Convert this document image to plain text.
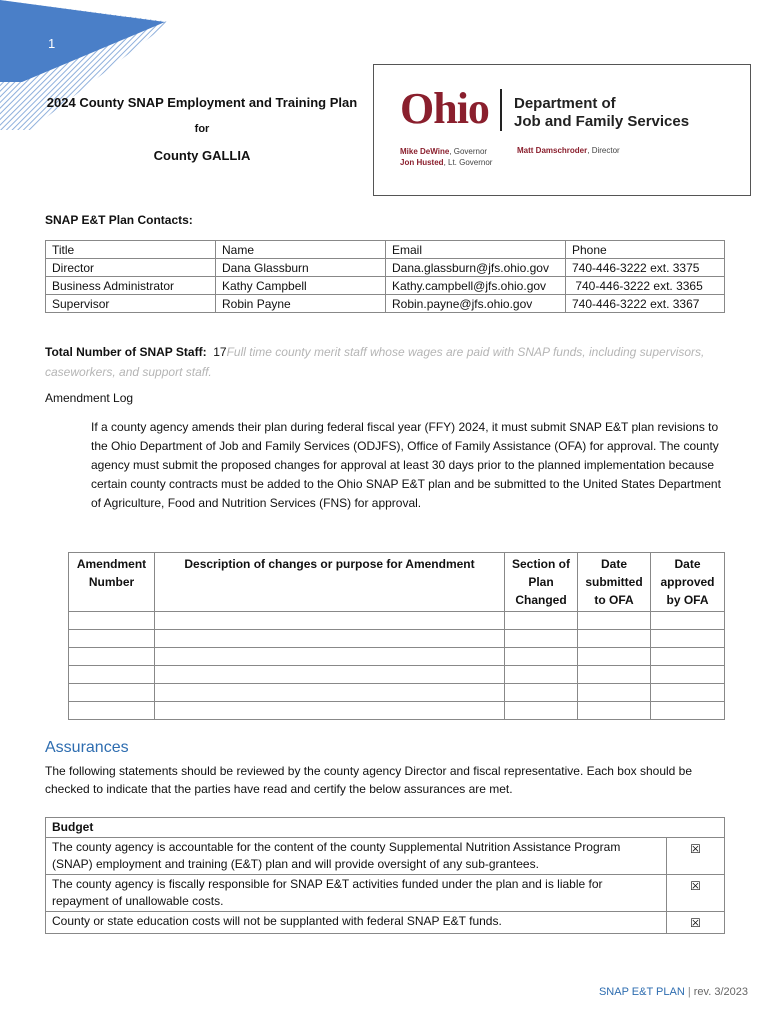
1
2024 County SNAP Employment and Training Plan
for
County GALLIA
Ohio Department of
Job and Family Services
Mike DeWine, Governor
Jon Husted, Lt. Governor
Matt Damschroder, Director
SNAP E&T Plan Contacts:
Title	Name	Email	Phone
Director	Dana Glassburn	Dana.glassburn@jfs.ohio.gov	740-446-3222 ext. 3375
Business Administrator	Kathy Campbell	Kathy.campbell@jfs.ohio.gov	740-446-3222 ext. 3365
Supervisor	Robin Payne	Robin.payne@jfs.ohio.gov	740-446-3222 ext. 3367
Total Number of SNAP Staff: 17Full time county merit staff whose wages are paid with SNAP funds, including supervisors, caseworkers, and support staff.
Amendment Log
If a county agency amends their plan during federal fiscal year (FFY) 2024, it must submit SNAP E&T plan revisions to the Ohio Department of Job and Family Services (ODJFS), Office of Family Assistance (OFA) for approval. The county agency must submit the proposed changes for approval at least 30 days prior to the planned implementation because certain county contracts must be added to the Ohio SNAP E&T plan and be submitted to the United States Department of Agriculture, Food and Nutrition Services (FNS) for approval.
Amendment Number	Description of changes or purpose for Amendment	Section of Plan Changed	Date submitted to OFA	Date approved by OFA

Assurances
The following statements should be reviewed by the county agency Director and fiscal representative. Each box should be checked to indicate that the parties have read and certify the below assurances are met.
Budget	
The county agency is accountable for the content of the county Supplemental Nutrition Assistance Program (SNAP) employment and training (E&T) plan and will provide oversight of any sub-grantees.	☒
The county agency is fiscally responsible for SNAP E&T activities funded under the plan and is liable for repayment of unallowable costs.	☒
County or state education costs will not be supplanted with federal SNAP E&T funds.	☒
SNAP E&T PLAN | rev. 3/2023
